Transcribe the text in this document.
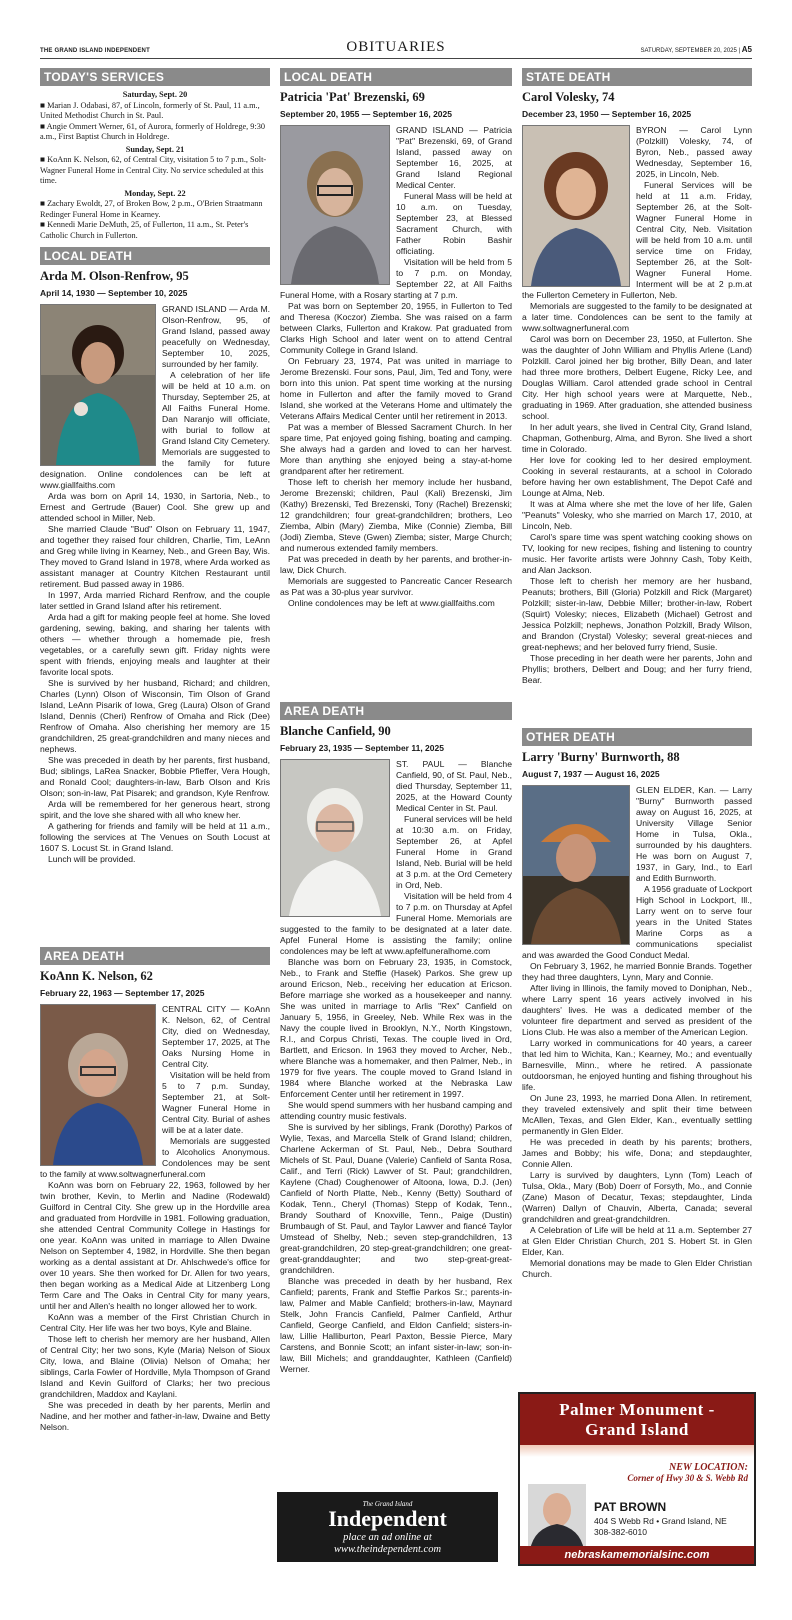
THE GRAND ISLAND INDEPENDENT	OBITUARIES	SATURDAY, SEPTEMBER 20, 2025 | A5
TODAY'S SERVICES
Saturday, Sept. 20

■ Marian J. Odabasi, 87, of Lincoln, formerly of St. Paul, 11 a.m., United Methodist Church in St. Paul.

■ Angie Ommert Werner, 61, of Aurora, formerly of Holdrege, 9:30 a.m., First Baptist Church in Holdrege.

Sunday, Sept. 21

■ KoAnn K. Nelson, 62, of Central City, visitation 5 to 7 p.m., Solt-Wagner Funeral Home in Central City. No service scheduled at this time.

Monday, Sept. 22

■ Zachary Ewoldt, 27, of Broken Bow, 2 p.m., O'Brien Straatmann Redinger Funeral Home in Kearney.

■ Kennedi Marie DeMuth, 25, of Fullerton, 11 a.m., St. Peter's Catholic Church in Fullerton.

LOCAL DEATH
Arda M. Olson-Renfrow, 95
April 14, 1930 — September 10, 2025

GRAND ISLAND — Arda M. Olson-Renfrow, 95, of Grand Island, passed away peacefully on Wednesday, September 10, 2025, surrounded by her family.

A celebration of her life will be held at 10 a.m. on Thursday, September 25, at All Faiths Funeral Home. Dan Naranjo will officiate, with burial to follow at Grand Island City Cemetery. Memorials are suggested to the family for future designation. Online condolences can be left at www.giallfaiths.com

Arda was born on April 14, 1930, in Sartoria, Neb., to Ernest and Gertrude (Bauer) Cool. She grew up and attended school in Miller, Neb.

She married Claude "Bud" Olson on February 11, 1947, and together they raised four children, Charlie, Tim, LeAnn and Greg while living in Kearney, Neb., and Green Bay, Wis. They moved to Grand Island in 1978, where Arda worked as assistant manager at Country Kitchen Restaurant until retirement. Bud passed away in 1986.

In 1997, Arda married Richard Renfrow, and the couple later settled in Grand Island after his retirement.

Arda had a gift for making people feel at home. She loved gardening, sewing, baking, and sharing her talents with others — whether through a homemade pie, fresh vegetables, or a carefully sewn gift. Friday nights were spent with friends, enjoying meals and laughter at their favorite local spots.

She is survived by her husband, Richard; and children, Charles (Lynn) Olson of Wisconsin, Tim Olson of Grand Island, LeAnn Pisarik of Iowa, Greg (Laura) Olson of Grand Island, Dennis (Cheri) Renfrow of Omaha and Rick (Dee) Renfrow of Omaha. Also cherishing her memory are 15 grandchildren, 25 great-grandchildren and many nieces and nephews.

She was preceded in death by her parents, first husband, Bud; siblings, LaRea Snacker, Bobbie Pfieffer, Vera Hough, and Ronald Cool; daughters-in-law, Barb Olson and Kris Olson; son-in-law, Pat Pisarek; and grandson, Kyle Renfrow.

Arda will be remembered for her generous heart, strong spirit, and the love she shared with all who knew her.

A gathering for friends and family will be held at 11 a.m., following the services at The Venues on South Locust at 1607 S. Locust St. in Grand Island.

Lunch will be provided.

AREA DEATH
KoAnn K. Nelson, 62
February 22, 1963 — September 17, 2025

CENTRAL CITY — KoAnn K. Nelson, 62, of Central City, died on Wednesday, September 17, 2025, at The Oaks Nursing Home in Central City.

Visitation will be held from 5 to 7 p.m. Sunday, September 21, at Solt-Wagner Funeral Home in Central City. Burial of ashes will be at a later date.

Memorials are suggested to Alcoholics Anonymous. Condolences may be sent to the family at www.soltwagnerfuneral.com

KoAnn was born on February 22, 1963, followed by her twin brother, Kevin, to Merlin and Nadine (Rodewald) Guilford in Central City. She grew up in the Hordville area and graduated from Hordville in 1981. Following graduation, she attended Central Community College in Hastings for one year. KoAnn was united in marriage to Allen Dwaine Nelson on September 4, 1982, in Hordville. She then began working as a dental assistant at Dr. Ahlschwede's office for over 10 years. She then worked for Dr. Allen for two years, then began working as a Medical Aide at Litzenberg Long Term Care and The Oaks in Central City for many years, until her and Allen's health no longer allowed her to work.

KoAnn was a member of the First Christian Church in Central City. Her life was her two boys, Kyle and Blaine.

Those left to cherish her memory are her husband, Allen of Central City; her two sons, Kyle (Maria) Nelson of Sioux City, Iowa, and Blaine (Olivia) Nelson of Omaha; her siblings, Carla Fowler of Hordville, Myla Thompson of Grand Island and Kevin Guilford of Clarks; her two precious grandchildren, Maddox and Kaylani.

She was preceded in death by her parents, Merlin and Nadine, and her mother and father-in-law, Dwaine and Betty Nelson.

LOCAL DEATH
Patricia 'Pat' Brezenski, 69
September 20, 1955 — September 16, 2025

GRAND ISLAND — Patricia "Pat" Brezenski, 69, of Grand Island, passed away on September 16, 2025, at Grand Island Regional Medical Center.

Funeral Mass will be held at 10 a.m. on Tuesday, September 23, at Blessed Sacrament Church, with Father Robin Bashir officiating.

Visitation will be held from 5 to 7 p.m. on Monday, September 22, at All Faiths Funeral Home, with a Rosary starting at 7 p.m.

Pat was born on September 20, 1955, in Fullerton to Ted and Theresa (Koczor) Ziemba. She was raised on a farm between Clarks, Fullerton and Krakow. Pat graduated from Clarks High School and later went on to attend Central Community College in Grand Island.

On February 23, 1974, Pat was united in marriage to Jerome Brezenski. Four sons, Paul, Jim, Ted and Tony, were born into this union. Pat spent time working at the nursing home in Fullerton and after the family moved to Grand Island, she worked at the Veterans Home and ultimately the Veterans Affairs Medical Center until her retirement in 2013.

Pat was a member of Blessed Sacrament Church. In her spare time, Pat enjoyed going fishing, boating and camping. She always had a garden and loved to can her harvest. More than anything she enjoyed being a stay-at-home grandparent after her retirement.

Those left to cherish her memory include her husband, Jerome Brezenski; children, Paul (Kali) Brezenski, Jim (Kathy) Brezenski, Ted Brezenski, Tony (Rachel) Brezenski; 12 grandchildren; four great-grandchildren; brothers, Leo Ziemba, Albin (Mary) Ziemba, Mike (Connie) Ziemba, Bill (Jodi) Ziemba, Steve (Gwen) Ziemba; sister, Marge Church; and numerous extended family members.

Pat was preceded in death by her parents, and brother-in-law, Dick Church.

Memorials are suggested to Pancreatic Cancer Research as Pat was a 30-plus year survivor.

Online condolences may be left at www.giallfaiths.com

AREA DEATH
Blanche Canfield, 90
February 23, 1935 — September 11, 2025

ST. PAUL — Blanche Canfield, 90, of St. Paul, Neb., died Thursday, September 11, 2025, at the Howard County Medical Center in St. Paul.

Funeral services will be held at 10:30 a.m. on Friday, September 26, at Apfel Funeral Home in Grand Island, Neb. Burial will be held at 3 p.m. at the Ord Cemetery in Ord, Neb.

Visitation will be held from 4 to 7 p.m. on Thursday at Apfel Funeral Home. Memorials are suggested to the family to be designated at a later date. Apfel Funeral Home is assisting the family; online condolences may be left at www.apfelfuneralhome.com

Blanche was born on February 23, 1935, in Comstock, Neb., to Frank and Steffie (Hasek) Parkos. She grew up around Ericson, Neb., receiving her education at Ericson. Before marriage she worked as a housekeeper and nanny. She was united in marriage to Arlis "Rex" Canfield on January 5, 1956, in Greeley, Neb. While Rex was in the Navy the couple lived in Brooklyn, N.Y., North Kingstown, R.I., and Corpus Christi, Texas. The couple lived in Ord, Bartlett, and Ericson. In 1963 they moved to Archer, Neb., where Blanche was a homemaker, and then Palmer, Neb., in 1979 for five years. The couple moved to Grand Island in 1984 where Blanche worked at the Nebraska Law Enforcement Center until her retirement in 1997.

She would spend summers with her husband camping and attending country music festivals.

She is survived by her siblings, Frank (Dorothy) Parkos of Wylie, Texas, and Marcella Stelk of Grand Island; children, Charlene Ackerman of St. Paul, Neb., Debra Southard Michels of St. Paul, Duane (Valerie) Canfield of Santa Rosa, Calif., and Terri (Rick) Lawver of St. Paul; grandchildren, Kaylene (Chad) Coughenower of Altoona, Iowa, D.J. (Jen) Canfield of North Platte, Neb., Kenny (Betty) Southard of Kodak, Tenn., Cheryl (Thomas) Stepp of Kodak, Tenn., Brandy Southard of Knoxville, Tenn., Paige (Dustin) Brumbaugh of St. Paul, and Taylor Lawver and fiancé Taylor Umstead of Shelby, Neb.; seven step-grandchildren, 13 great-grandchildren, 20 step-great-grandchildren; one great-great-granddaughter; and two step-great-great-grandchildren.

Blanche was preceded in death by her husband, Rex Canfield; parents, Frank and Steffie Parkos Sr.; parents-in-law, Palmer and Mable Canfield; brothers-in-law, Maynard Stelk, John Francis Canfield, Palmer Canfield, Arthur Canfield, George Canfield, and Eldon Canfield; sisters-in-law, Lillie Halliburton, Pearl Paxton, Bessie Pierce, Mary Carstens, and Bonnie Scott; an infant sister-in-law; son-in-law, Bill Michels; and granddaughter, Kathleen (Canfield) Werner.

STATE DEATH
Carol Volesky, 74
December 23, 1950 — September 16, 2025

BYRON — Carol Lynn (Polzkill) Volesky, 74, of Byron, Neb., passed away Wednesday, September 16, 2025, in Lincoln, Neb.

Funeral Services will be held at 11 a.m. Friday, September 26, at the Solt-Wagner Funeral Home in Central City, Neb. Visitation will be held from 10 a.m. until service time on Friday, September 26, at the Solt-Wagner Funeral Home. Interment will be at 2 p.m.at the Fullerton Cemetery in Fullerton, Neb.

Memorials are suggested to the family to be designated at a later time. Condolences can be sent to the family at www.soltwagnerfuneral.com

Carol was born on December 23, 1950, at Fullerton. She was the daughter of John William and Phyllis Arlene (Land) Polzkill. Carol joined her big brother, Billy Dean, and later had three more brothers, Delbert Eugene, Ricky Lee, and Douglas William. Carol attended grade school in Central City. Her high school years were at Marquette, Neb., graduating in 1969. After graduation, she attended business school.

In her adult years, she lived in Central City, Grand Island, Chapman, Gothenburg, Alma, and Byron. She lived a short time in Colorado.

Her love for cooking led to her desired employment. Cooking in several restaurants, at a school in Colorado before having her own establishment, The Depot Café and Lounge at Alma, Neb.

It was at Alma where she met the love of her life, Galen "Peanuts" Volesky, who she married on March 17, 2010, at Lincoln, Neb.

Carol's spare time was spent watching cooking shows on TV, looking for new recipes, fishing and listening to country music. Her favorite artists were Johnny Cash, Toby Keith, and Alan Jackson.

Those left to cherish her memory are her husband, Peanuts; brothers, Bill (Gloria) Polzkill and Rick (Margaret) Polzkill; sister-in-law, Debbie Miller; brother-in-law, Robert (Squirt) Volesky; nieces, Elizabeth (Michael) Getrost and Jessica Polzkill; nephews, Jonathon Polzkill, Brady Wilson, and Brandon (Crystal) Volesky; several great-nieces and great-nephews; and her beloved furry friend, Susie.

Those preceding in her death were her parents, John and Phyllis; brothers, Delbert and Doug; and her furry friend, Bear.

OTHER DEATH
Larry 'Burny' Burnworth, 88
August 7, 1937 — August 16, 2025

GLEN ELDER, Kan. — Larry "Burny" Burnworth passed away on August 16, 2025, at University Village Senior Home in Tulsa, Okla., surrounded by his daughters. He was born on August 7, 1937, in Gary, Ind., to Earl and Edith Burnworth.

A 1956 graduate of Lockport High School in Lockport, Ill., Larry went on to serve four years in the United States Marine Corps as a communications specialist and was awarded the Good Conduct Medal.

On February 3, 1962, he married Bonnie Brands. Together they had three daughters, Lynn, Mary and Connie.

After living in Illinois, the family moved to Doniphan, Neb., where Larry spent 16 years actively involved in his daughters' lives. He was a dedicated member of the volunteer fire department and served as president of the Lions Club. He was also a member of the American Legion.

Larry worked in communications for 40 years, a career that led him to Wichita, Kan.; Kearney, Mo.; and eventually Barnesville, Minn., where he retired. A passionate outdoorsman, he enjoyed hunting and fishing throughout his life.

On June 23, 1993, he married Dona Allen. In retirement, they traveled extensively and split their time between McAllen, Texas, and Glen Elder, Kan., eventually settling permanently in Glen Elder.

He was preceded in death by his parents; brothers, James and Bobby; his wife, Dona; and stepdaughter, Connie Allen.

Larry is survived by daughters, Lynn (Tom) Leach of Tulsa, Okla., Mary (Bob) Doerr of Forsyth, Mo., and Connie (Zane) Mason of Decatur, Texas; stepdaughter, Linda (Warren) Dallyn of Chauvin, Alberta, Canada; several grandchildren and great-grandchildren.

A Celebration of Life will be held at 11 a.m. September 27 at Glen Elder Christian Church, 201 S. Hobert St. in Glen Elder, Kan.

Memorial donations may be made to Glen Elder Christian Church.

The Grand Island
Independent
place an ad online at
www.theindependent.com
Palmer Monument -
Grand Island
NEW LOCATION:
Corner of Hwy 30 & S. Webb Rd
PAT BROWN
404 S Webb Rd • Grand Island, NE
308-382-6010
nebraskamemorialsinc.com
